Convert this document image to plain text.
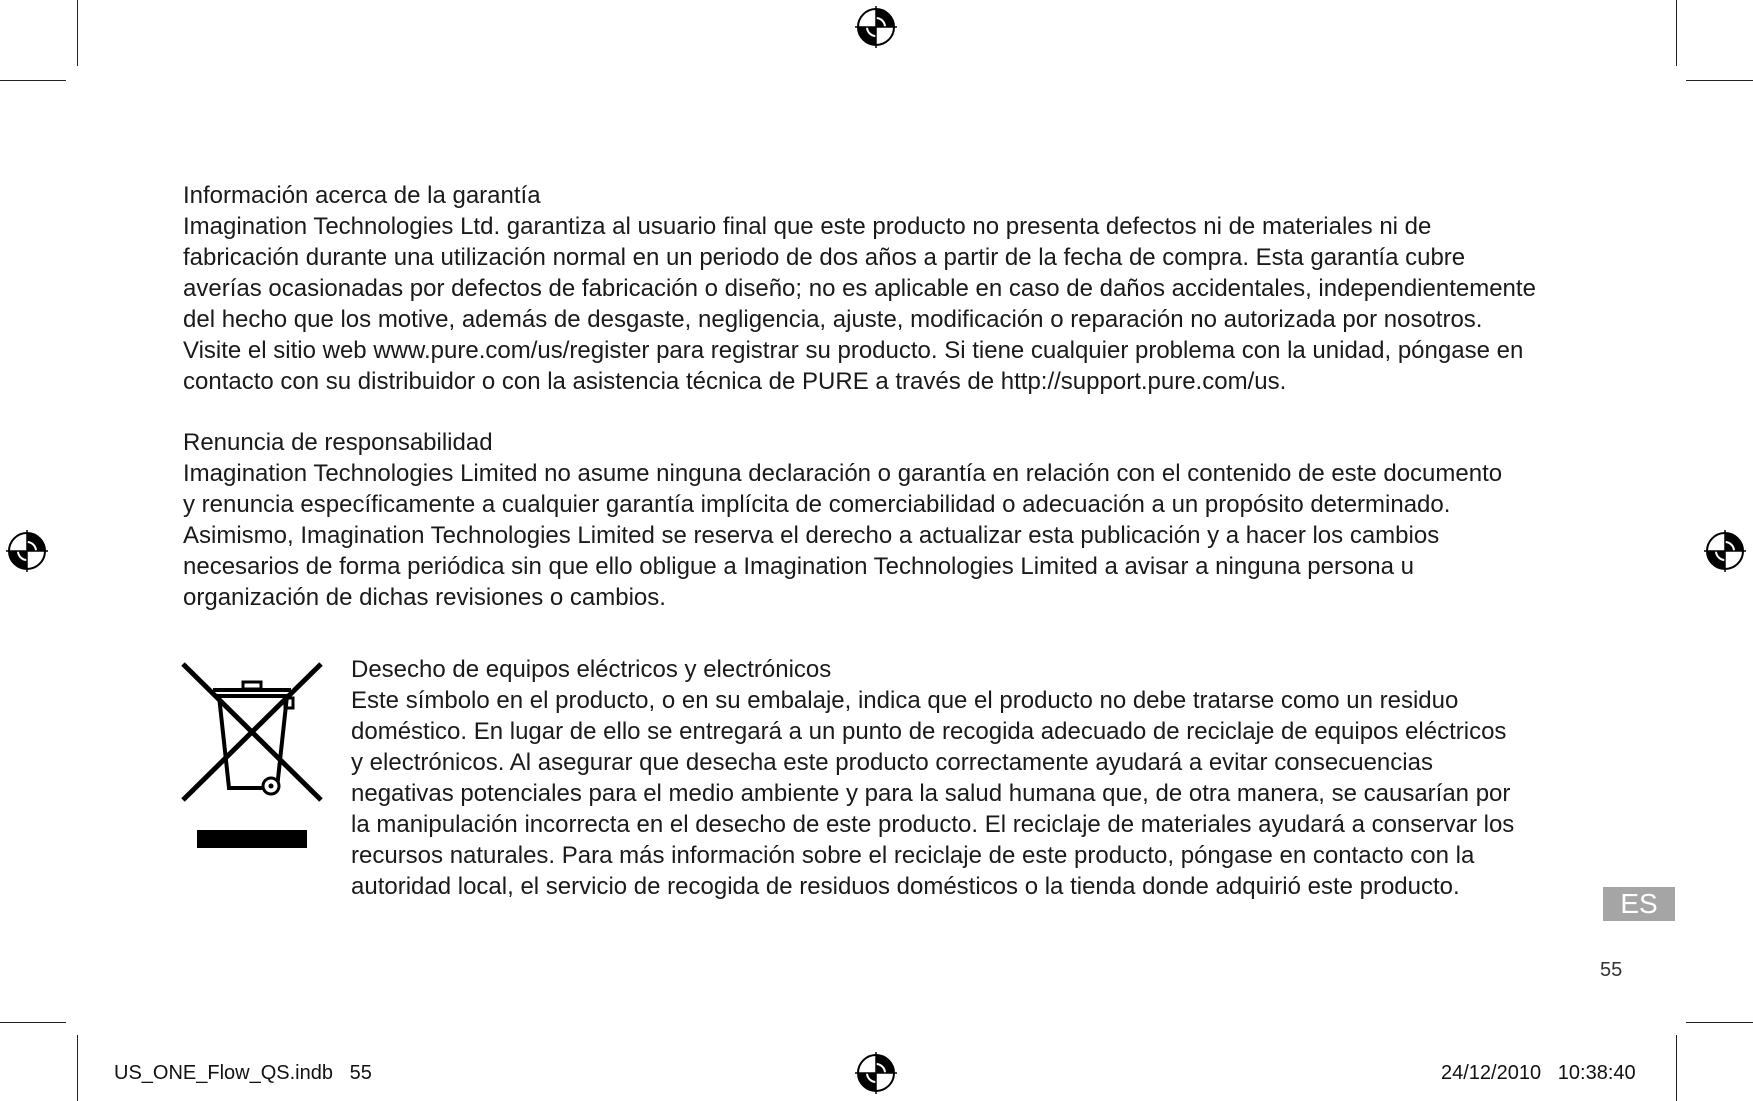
Información acerca de la garantía

Imagination Technologies Ltd. garantiza al usuario final que este producto no presenta defectos ni de materiales ni de

fabricación durante una utilización normal en un periodo de dos años a partir de la fecha de compra. Esta garantía cubre

averías ocasionadas por defectos de fabricación o diseño; no es aplicable en caso de daños accidentales, independientemente

del hecho que los motive, además de desgaste, negligencia, ajuste, modificación o reparación no autorizada por nosotros.

Visite el sitio web www.pure.com/us/register para registrar su producto. Si tiene cualquier problema con la unidad, póngase en

contacto con su distribuidor o con la asistencia técnica de PURE a través de http://support.pure.com/us.

Renuncia de responsabilidad

Imagination Technologies Limited no asume ninguna declaración o garantía en relación con el contenido de este documento

y renuncia específicamente a cualquier garantía implícita de comerciabilidad o adecuación a un propósito determinado.

Asimismo, Imagination Technologies Limited se reserva el derecho a actualizar esta publicación y a hacer los cambios

necesarios de forma periódica sin que ello obligue a Imagination Technologies Limited a avisar a ninguna persona u

organización de dichas revisiones o cambios.

Desecho de equipos eléctricos y electrónicos

Este símbolo en el producto, o en su embalaje, indica que el producto no debe tratarse como un residuo

doméstico. En lugar de ello se entregará a un punto de recogida adecuado de reciclaje de equipos eléctricos

y electrónicos. Al asegurar que desecha este producto correctamente ayudará a evitar consecuencias

negativas potenciales para el medio ambiente y para la salud humana que, de otra manera, se causarían por

la manipulación incorrecta en el desecho de este producto. El reciclaje de materiales ayudará a conservar los

recursos naturales. Para más información sobre el reciclaje de este producto, póngase en contacto con la

autoridad local, el servicio de recogida de residuos domésticos o la tienda donde adquirió este producto.

ES
55
US_ONE_Flow_QS.indb   55	24/12/2010   10:38:40
